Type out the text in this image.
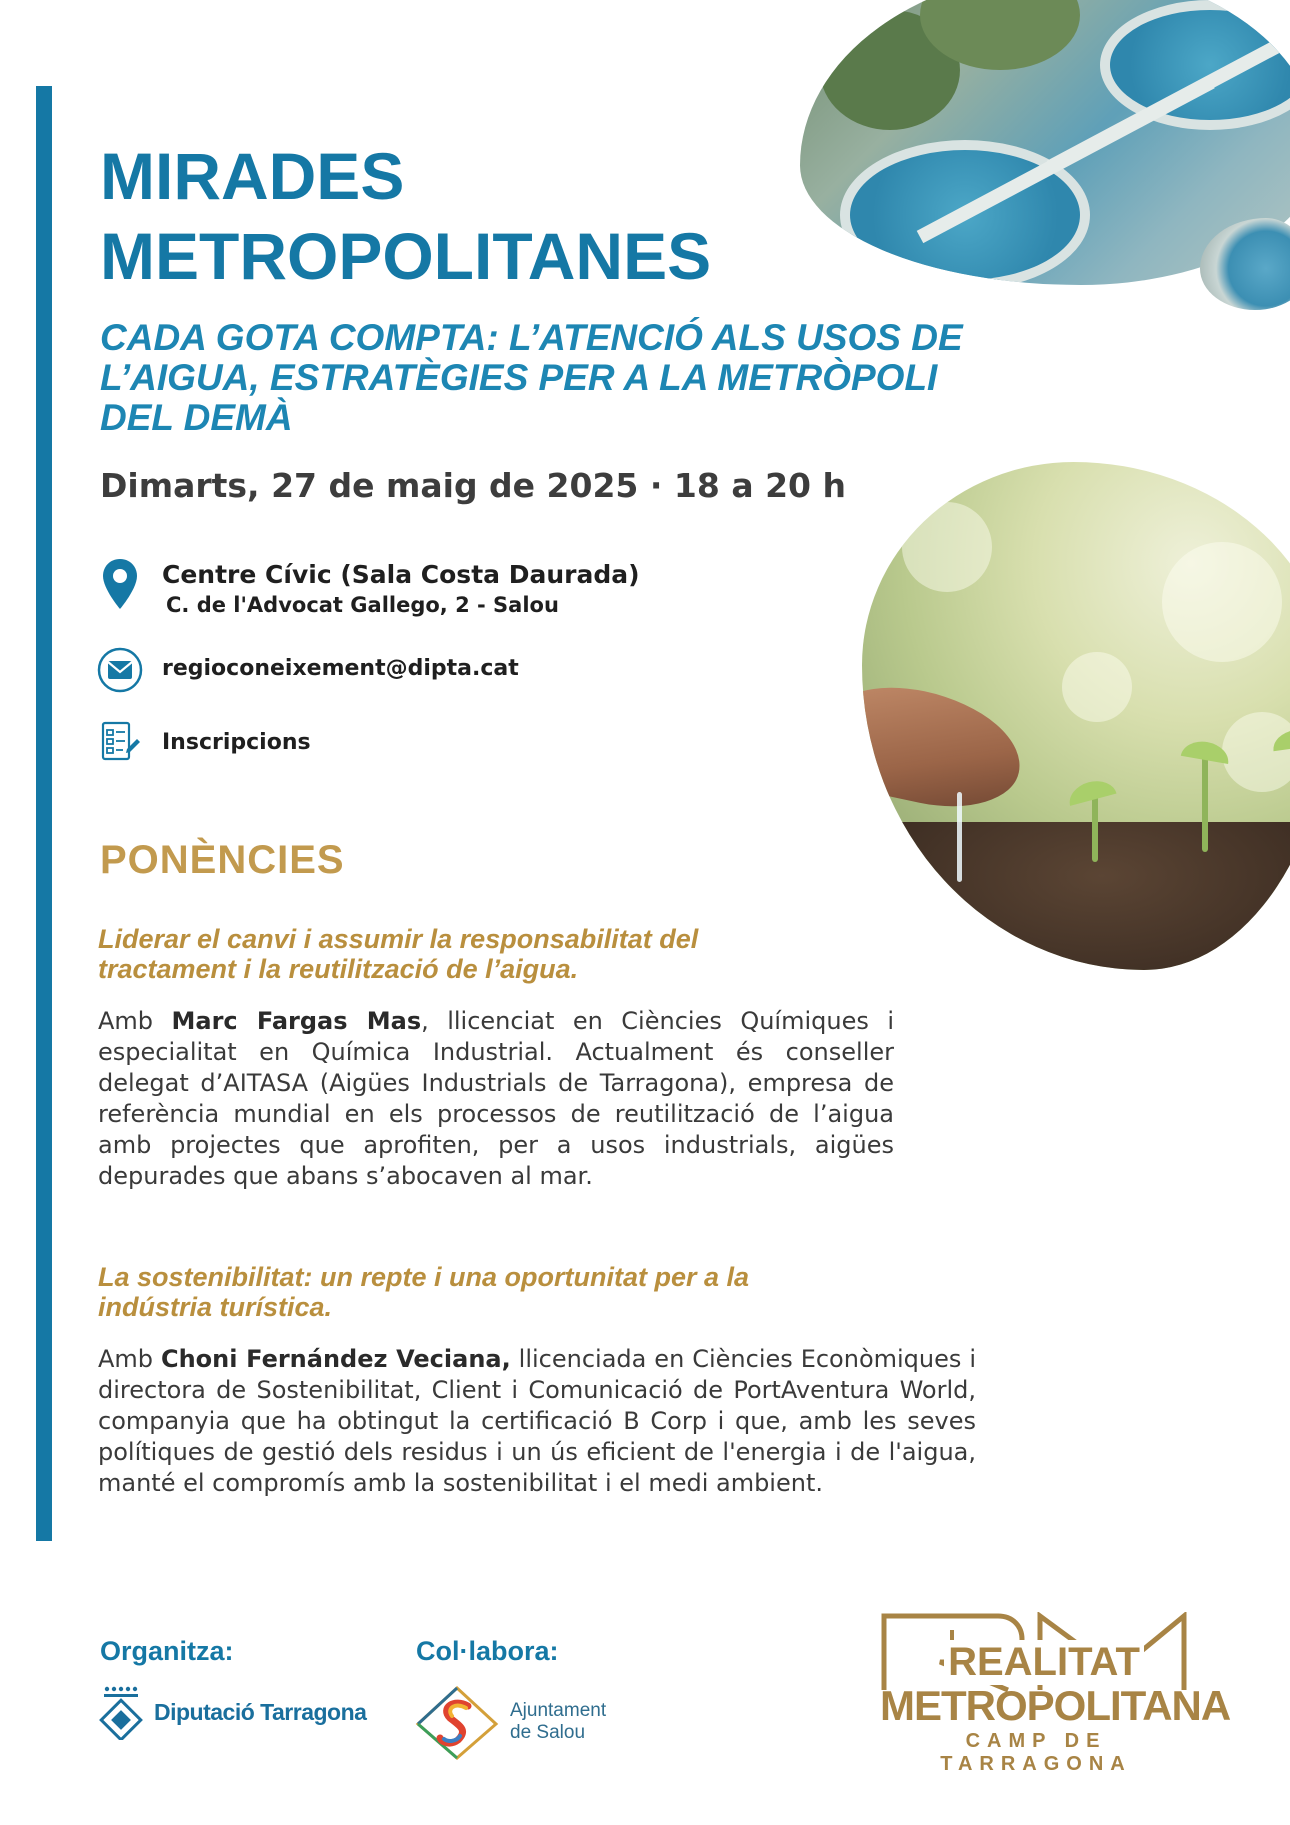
MIRADES
METROPOLITANES
CADA GOTA COMPTA: L’ATENCIÓ ALS USOS DE
L’AIGUA, ESTRATÈGIES PER A LA METRÒPOLI
DEL DEMÀ
Dimarts, 27 de maig de 2025 · 18 a 20 h
Centre Cívic (Sala Costa Daurada)
C. de l'Advocat Gallego, 2 - Salou
regioconeixement@dipta.cat
Inscripcions
PONÈNCIES
Liderar el canvi i assumir la responsabilitat del
tractament i la reutilització de l’aigua.
Amb Marc Fargas Mas, llicenciat en Ciències Químiques i especialitat en Química Industrial. Actualment és conseller delegat d’AITASA (Aigües Industrials de Tarragona), empresa de referència mundial en els processos de reutilització de l’aigua amb projectes que aprofiten, per a usos industrials, aigües depurades que abans s’abocaven al mar.
La sostenibilitat: un repte i una oportunitat per a la
indústria turística.
Amb Choni Fernández Veciana, llicenciada en Ciències Econòmiques i directora de Sostenibilitat, Client i Comunicació de PortAventura World, companyia que ha obtingut la certificació B Corp i que, amb les seves polítiques de gestió dels residus i un ús eficient de l'energia i de l'aigua, manté el compromís amb la sostenibilitat i el medi ambient.
Organitza:
Diputació Tarragona
Col·labora:
Ajuntament
de Salou
REALITAT
METROPOLITANA
CAMP DE TARRAGONA
